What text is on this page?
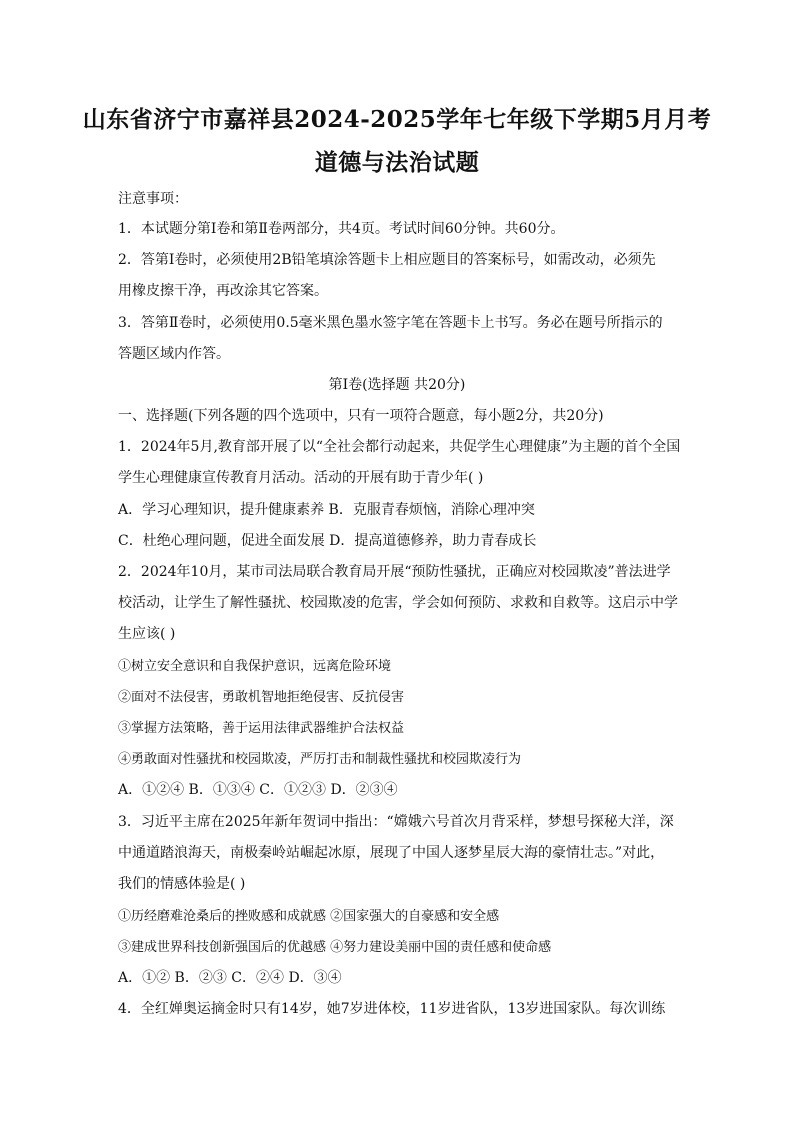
山东省济宁市嘉祥县2024-2025学年七年级下学期5月月考
道德与法治试题
注意事项：
1．本试题分第Ⅰ卷和第Ⅱ卷两部分，共4页。考试时间60分钟。共60分。
2．答第Ⅰ卷时，必须使用2B铅笔填涂答题卡上相应题目的答案标号，如需改动，必须先
用橡皮擦干净，再改涂其它答案。
3．答第Ⅱ卷时，必须使用0.5毫米黑色墨水签字笔在答题卡上书写。务必在题号所指示的
答题区域内作答。
第Ⅰ卷(选择题 共20分)
一、选择题(下列各题的四个选项中，只有一项符合题意，每小题2分，共20分)
1．2024年5月,教育部开展了以“全社会都行动起来，共促学生心理健康”为主题的首个全国
学生心理健康宣传教育月活动。活动的开展有助于青少年( )
A．学习心理知识，提升健康素养 B．克服青春烦恼，消除心理冲突
C．杜绝心理问题，促进全面发展 D．提高道德修养，助力青春成长
2．2024年10月，某市司法局联合教育局开展“预防性骚扰，正确应对校园欺凌”普法进学
校活动，让学生了解性骚扰、校园欺凌的危害，学会如何预防、求救和自救等。这启示中学
生应该( )
①树立安全意识和自我保护意识，远离危险环境
②面对不法侵害，勇敢机智地拒绝侵害、反抗侵害
③掌握方法策略，善于运用法律武器维护合法权益
④勇敢面对性骚扰和校园欺凌，严厉打击和制裁性骚扰和校园欺凌行为
A．①②④ B．①③④ C．①②③ D．②③④
3．习近平主席在2025年新年贺词中指出：“嫦娥六号首次月背采样，梦想号探秘大洋，深
中通道踏浪海天，南极秦岭站崛起冰原，展现了中国人逐梦星辰大海的豪情壮志。”对此，
我们的情感体验是( )
①历经磨难沧桑后的挫败感和成就感 ②国家强大的自豪感和安全感
③建成世界科技创新强国后的优越感 ④努力建设美丽中国的责任感和使命感
A．①② B．②③ C．②④ D．③④
4．全红婵奥运摘金时只有14岁，她7岁进体校，11岁进省队，13岁进国家队。每次训练
